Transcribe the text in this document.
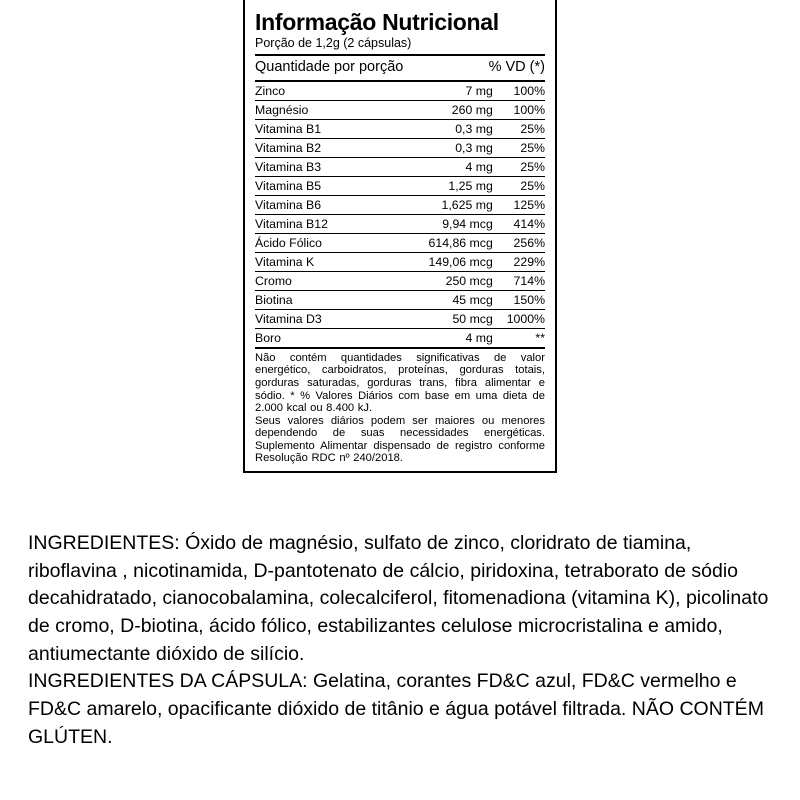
Informação Nutricional
Porção de 1,2g (2 cápsulas)
Quantidade por porção	% VD (*)
Zinco	7 mg	100%
Magnésio	260 mg	100%
Vitamina B1	0,3 mg	25%
Vitamina B2	0,3 mg	25%
Vitamina B3	4 mg	25%
Vitamina B5	1,25 mg	25%
Vitamina B6	1,625 mg	125%
Vitamina B12	9,94 mcg	414%
Ácido Fólico	614,86 mcg	256%
Vitamina K	149,06 mcg	229%
Cromo	250 mcg	714%
Biotina	45 mcg	150%
Vitamina D3	50 mcg	1000%
Boro	4 mg	**

Não contém quantidades significativas de valor energético, carboidratos, proteínas, gorduras totais, gorduras saturadas, gorduras trans, fibra alimentar e sódio. * % Valores Diários com base em uma dieta de 2.000 kcal ou 8.400 kJ.

Seus valores diários podem ser maiores ou menores dependendo de suas necessidades energéticas. Suplemento Alimentar dispensado de registro conforme Resolução RDC nº 240/2018.

INGREDIENTES: Óxido de magnésio, sulfato de zinco, cloridrato de tiamina, riboflavina , nicotinamida, D-pantotenato de cálcio, piridoxina, tetraborato de sódio decahidratado, cianocobalamina, colecalciferol, fitomenadiona (vitamina K), picolinato de cromo, D-biotina, ácido fólico, estabilizantes celulose microcristalina e amido, antiumectante dióxido de silício.

INGREDIENTES DA CÁPSULA: Gelatina, corantes FD&C azul, FD&C vermelho e FD&C amarelo, opacificante dióxido de titânio e água potável filtrada. NÃO CONTÉM GLÚTEN.
